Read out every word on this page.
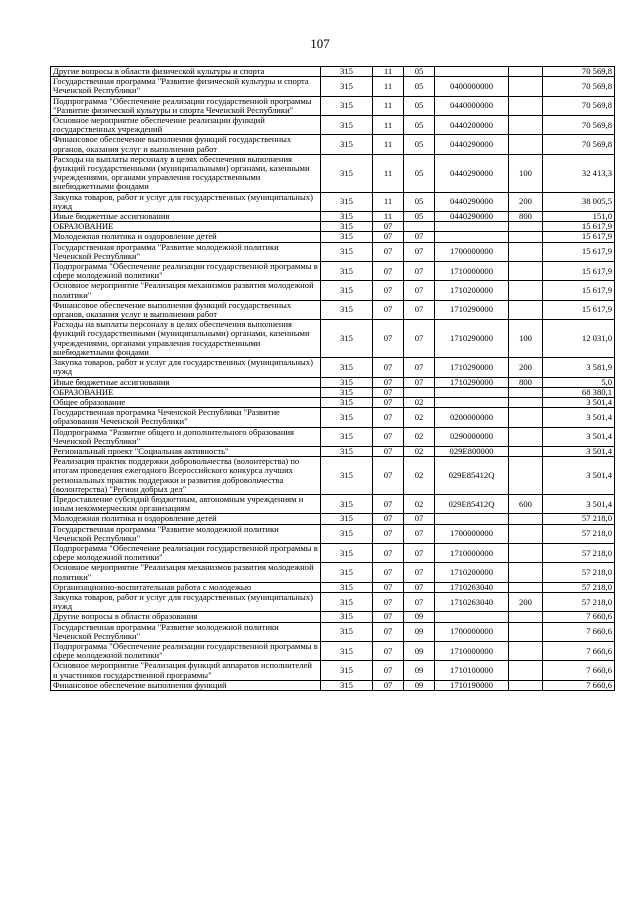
107
Другие вопросы в области физической культуры и спорта	315	11	05			70 569,8
Государственная программа "Развитие физической культуры и спорта Чеченской Республики"	315	11	05	0400000000		70 569,8
Подпрограмма "Обеспечение реализации государственной программы "Развитие физической культуры и спорта Чеченской Республики"	315	11	05	0440000000		70 569,8
Основное мероприятие обеспечение реализации функций государственных учреждений	315	11	05	0440200000		70 569,8
Финансовое обеспечение выполнения функций государственных органов, оказания услуг и выполнения работ	315	11	05	0440290000		70 569,8
Расходы на выплаты персоналу в целях обеспечения выполнения функций государственными (муниципальными) органами, казенными учреждениями, органами управления государственными внебюджетными фондами	315	11	05	0440290000	100	32 413,3
Закупка товаров, работ и услуг для государственных (муниципальных) нужд	315	11	05	0440290000	200	38 005,5
Иные бюджетные ассигнования	315	11	05	0440290000	800	151,0
ОБРАЗОВАНИЕ	315	07				15 617,9
Молодежная политика и оздоровление детей	315	07	07			15 617,9
Государственная программа "Развитие молодежной политики Чеченской Республики"	315	07	07	1700000000		15 617,9
Подпрограмма "Обеспечение реализации государственной программы в сфере молодежной политики"	315	07	07	1710000000		15 617,9
Основное мероприятие "Реализация механизмов развития молодежной политики"	315	07	07	1710200000		15 617,9
Финансовое обеспечение выполнения функций государственных органов, оказания услуг и выполнения работ	315	07	07	1710290000		15 617,9
Расходы на выплаты персоналу в целях обеспечения выполнения функций государственными (муниципальными) органами, казенными учреждениями, органами управления государственными внебюджетными фондами	315	07	07	1710290000	100	12 031,0
Закупка товаров, работ и услуг для государственных (муниципальных) нужд	315	07	07	1710290000	200	3 581,9
Иные бюджетные ассигнования	315	07	07	1710290000	800	5,0
ОБРАЗОВАНИЕ	315	07				68 380,1
Общее образование	315	07	02			3 501,4
Государственная программа Чеченской Республики "Развитие образования Чеченской Республики"	315	07	02	0200000000		3 501,4
Подпрограмма "Развитие общего и дополнительного образования Чеченской Республики"	315	07	02	0290000000		3 501,4
Региональный проект "Социальная активность"	315	07	02	029E800000		3 501,4
Реализация практик поддержки добровольчества (волонтерства) по итогам проведения ежегодного Всероссийского конкурса лучших региональных практик поддержки и развития добровольчества (волонтерства) "Регион добрых дел"	315	07	02	029E85412Q		3 501,4
Предоставление субсидий бюджетным, автономным учреждениям и иным некоммерческим организациям	315	07	02	029E85412Q	600	3 501,4
Молодежная политика и оздоровление детей	315	07	07			57 218,0
Государственная программа "Развитие молодежной политики Чеченской Республики"	315	07	07	1700000000		57 218,0
Подпрограмма "Обеспечение реализации государственной программы в сфере молодежной политики"	315	07	07	1710000000		57 218,0
Основное мероприятие "Реализация механизмов развития молодежной политики"	315	07	07	1710200000		57 218,0
Организационно-воспитательная работа с молодежью	315	07	07	1710263040		57 218,0
Закупка товаров, работ и услуг для государственных (муниципальных) нужд	315	07	07	1710263040	200	57 218,0
Другие вопросы в области образования	315	07	09			7 660,6
Государственная программа "Развитие молодежной политики Чеченской Республики"	315	07	09	1700000000		7 660,6
Подпрограмма "Обеспечение реализации государственной программы в сфере молодежной политики"	315	07	09	1710000000		7 660,6
Основное мероприятие "Реализация функций аппаратов исполнителей и участников государственной программы"	315	07	09	1710100000		7 660,6
Финансовое обеспечение выполнения функций	315	07	09	1710190000		7 660,6
